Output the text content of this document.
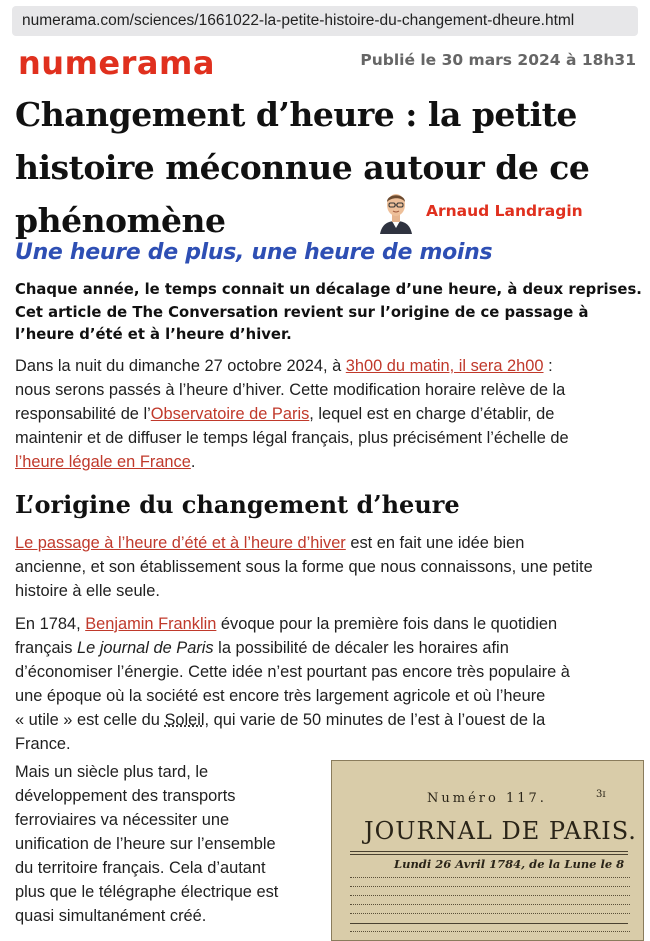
numerama.com/sciences/1661022-la-petite-histoire-du-changement-dheure.html
numerama	Publié le 30 mars 2024 à 18h31
Changement d’heure : la petite
histoire méconnue autour de ce
phénomène	Arnaud Landragin
Une heure de plus, une heure de moins
Chaque année, le temps connait un décalage d’une heure, à deux reprises.
Cet article de The Conversation revient sur l’origine de ce passage à
l’heure d’été et à l’heure d’hiver.
Dans la nuit du dimanche 27 octobre 2024, à 3h00 du matin, il sera 2h00 :
nous serons passés à l’heure d’hiver. Cette modification horaire relève de la
responsabilité de l’Observatoire de Paris, lequel est en charge d’établir, de
maintenir et de diffuser le temps légal français, plus précisément l’échelle de
l’heure légale en France.
L’origine du changement d’heure
Le passage à l’heure d’été et à l’heure d’hiver est en fait une idée bien
ancienne, et son établissement sous la forme que nous connaissons, une petite
histoire à elle seule.
En 1784, Benjamin Franklin évoque pour la première fois dans le quotidien
français Le journal de Paris la possibilité de décaler les horaires afin
d’économiser l’énergie. Cette idée n’est pourtant pas encore très populaire à
une époque où la société est encore très largement agricole et où l’heure
« utile » est celle du Soleil, qui varie de 50 minutes de l’est à l’ouest de la
France.
Mais un siècle plus tard, le
développement des transports
ferroviaires va nécessiter une
unification de l’heure sur l’ensemble
du territoire français. Cela d’autant
plus que le télégraphe électrique est
quasi simultanément créé.
Numéro 117.	3ɪ
JOURNAL DE PARIS.
Lundi 26 Avril 1784, de la Lune le 8
